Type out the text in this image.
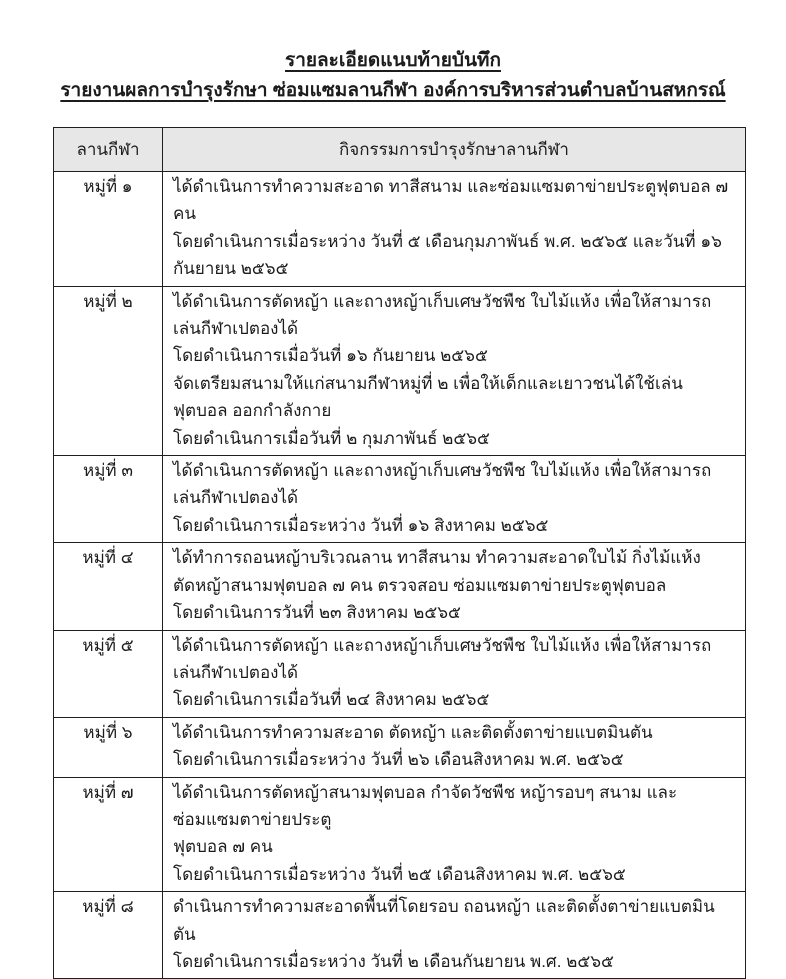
รายละเอียดแนบท้ายบันทึก
รายงานผลการบำรุงรักษา ซ่อมแซมลานกีฬา องค์การบริหารส่วนตำบลบ้านสหกรณ์
ลานกีฬา	กิจกรรมการบำรุงรักษาลานกีฬา
หมู่ที่ ๑	ได้ดำเนินการทำความสะอาด ทาสีสนาม และซ่อมแซมตาข่ายประตูฟุตบอล ๗ คน
โดยดำเนินการเมื่อระหว่าง วันที่ ๕ เดือนกุมภาพันธ์ พ.ศ. ๒๕๖๕ และวันที่ ๑๖ กันยายน ๒๕๖๕

หมู่ที่ ๒	ได้ดำเนินการตัดหญ้า และถางหญ้าเก็บเศษวัชพืช ใบไม้แห้ง เพื่อให้สามารถเล่นกีฬาเปตองได้
โดยดำเนินการเมื่อวันที่ ๑๖ กันยายน ๒๕๖๕
จัดเตรียมสนามให้แก่สนามกีฬาหมู่ที่ ๒ เพื่อให้เด็กและเยาวชนได้ใช้เล่นฟุตบอล ออกกำลังกาย
โดยดำเนินการเมื่อวันที่ ๒ กุมภาพันธ์ ๒๕๖๕

หมู่ที่ ๓	ได้ดำเนินการตัดหญ้า และถางหญ้าเก็บเศษวัชพืช ใบไม้แห้ง เพื่อให้สามารถเล่นกีฬาเปตองได้
โดยดำเนินการเมื่อระหว่าง วันที่ ๑๖ สิงหาคม ๒๕๖๕

หมู่ที่ ๔	ได้ทำการถอนหญ้าบริเวณลาน ทาสีสนาม ทำความสะอาดใบไม้ กิ่งไม้แห้ง
ตัดหญ้าสนามฟุตบอล ๗ คน ตรวจสอบ ซ่อมแซมตาข่ายประตูฟุตบอล
โดยดำเนินการวันที่ ๒๓ สิงหาคม ๒๕๖๕

หมู่ที่ ๕	ได้ดำเนินการตัดหญ้า และถางหญ้าเก็บเศษวัชพืช ใบไม้แห้ง เพื่อให้สามารถเล่นกีฬาเปตองได้
โดยดำเนินการเมื่อวันที่ ๒๔ สิงหาคม ๒๕๖๕

หมู่ที่ ๖	ได้ดำเนินการทำความสะอาด ตัดหญ้า และติดตั้งตาข่ายแบตมินตัน
โดยดำเนินการเมื่อระหว่าง วันที่ ๒๖ เดือนสิงหาคม พ.ศ. ๒๕๖๕

หมู่ที่ ๗	ได้ดำเนินการตัดหญ้าสนามฟุตบอล กำจัดวัชพืช หญ้ารอบๆ สนาม และซ่อมแซมตาข่ายประตู
ฟุตบอล ๗ คน
โดยดำเนินการเมื่อระหว่าง วันที่ ๒๕ เดือนสิงหาคม พ.ศ. ๒๕๖๕

หมู่ที่ ๘	ดำเนินการทำความสะอาดพื้นที่โดยรอบ ถอนหญ้า และติดตั้งตาข่ายแบตมินตัน
โดยดำเนินการเมื่อระหว่าง วันที่ ๒ เดือนกันยายน พ.ศ. ๒๕๖๕
